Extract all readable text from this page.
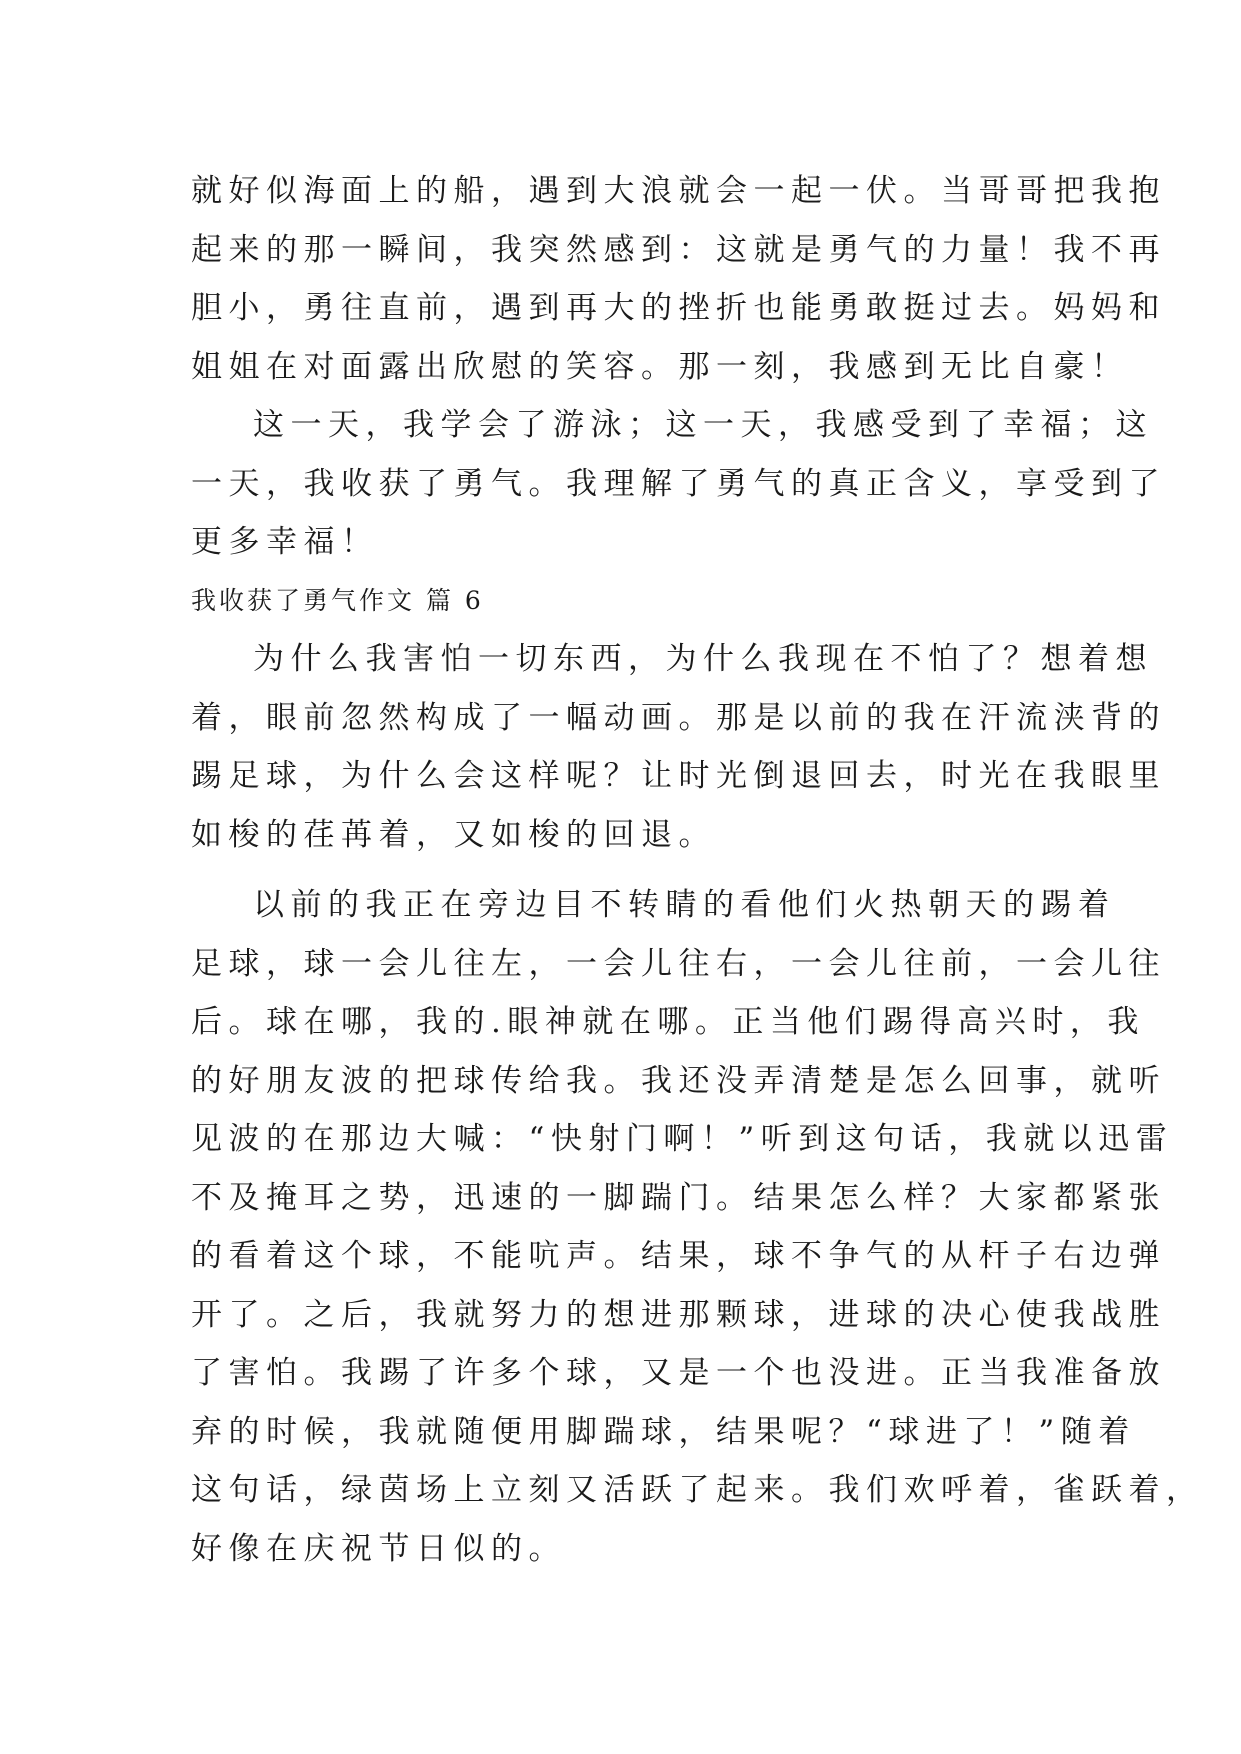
就好似海面上的船，遇到大浪就会一起一伏。当哥哥把我抱
起来的那一瞬间，我突然感到：这就是勇气的力量！我不再
胆小，勇往直前，遇到再大的挫折也能勇敢挺过去。妈妈和
姐姐在对面露出欣慰的笑容。那一刻，我感到无比自豪！

这一天，我学会了游泳；这一天，我感受到了幸福；这
一天，我收获了勇气。我理解了勇气的真正含义，享受到了
更多幸福！

我收获了勇气作文 篇 6

为什么我害怕一切东西，为什么我现在不怕了？想着想
着，眼前忽然构成了一幅动画。那是以前的我在汗流浃背的
踢足球，为什么会这样呢？让时光倒退回去，时光在我眼里
如梭的荏苒着，又如梭的回退。

以前的我正在旁边目不转睛的看他们火热朝天的踢着
足球，球一会儿往左，一会儿往右，一会儿往前，一会儿往
后。球在哪，我的.眼神就在哪。正当他们踢得高兴时，我
的好朋友波的把球传给我。我还没弄清楚是怎么回事，就听
见波的在那边大喊：“快射门啊！”听到这句话，我就以迅雷
不及掩耳之势，迅速的一脚踹门。结果怎么样？大家都紧张
的看着这个球，不能吭声。结果，球不争气的从杆子右边弹
开了。之后，我就努力的想进那颗球，进球的决心使我战胜
了害怕。我踢了许多个球，又是一个也没进。正当我准备放
弃的时候，我就随便用脚踹球，结果呢？“球进了！”随着
这句话，绿茵场上立刻又活跃了起来。我们欢呼着，雀跃着，
好像在庆祝节日似的。
